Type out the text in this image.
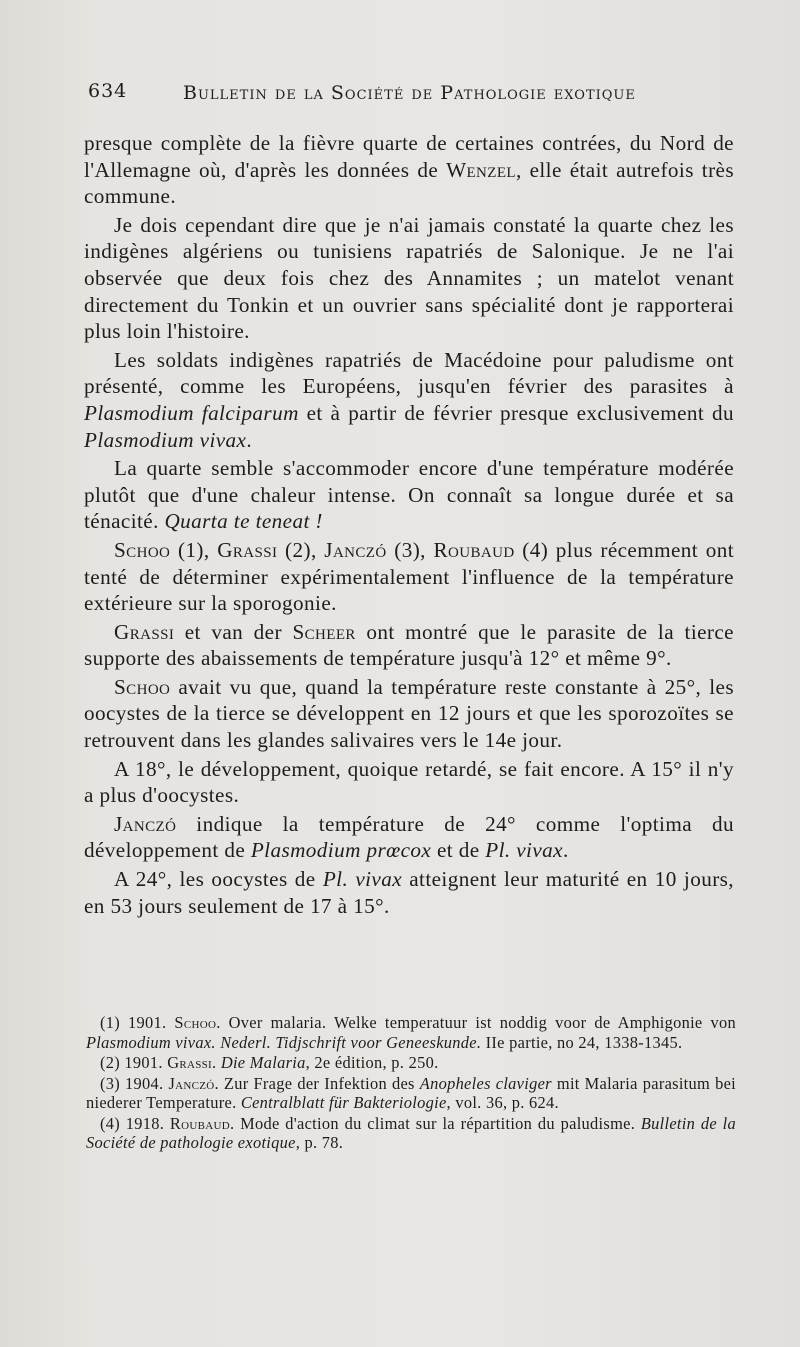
634	Bulletin de la Société de Pathologie exotique

presque complète de la fièvre quarte de certaines contrées, du Nord de l'Allemagne où, d'après les données de Wenzel, elle était autrefois très commune.

Je dois cependant dire que je n'ai jamais constaté la quarte chez les indigènes algériens ou tunisiens rapatriés de Salonique. Je ne l'ai observée que deux fois chez des Annamites ; un matelot venant directement du Tonkin et un ouvrier sans spécialité dont je rapporterai plus loin l'histoire.

Les soldats indigènes rapatriés de Macédoine pour paludisme ont présenté, comme les Européens, jusqu'en février des parasites à Plasmodium falciparum et à partir de février presque exclusivement du Plasmodium vivax.

La quarte semble s'accommoder encore d'une température modérée plutôt que d'une chaleur intense. On connaît sa longue durée et sa ténacité. Quarta te teneat !

Schoo (1), Grassi (2), Janczó (3), Roubaud (4) plus récemment ont tenté de déterminer expérimentalement l'influence de la température extérieure sur la sporogonie.

Grassi et van der Scheer ont montré que le parasite de la tierce supporte des abaissements de température jusqu'à 12° et même 9°.

Schoo avait vu que, quand la température reste constante à 25°, les oocystes de la tierce se développent en 12 jours et que les sporozoïtes se retrouvent dans les glandes salivaires vers le 14e jour.

A 18°, le développement, quoique retardé, se fait encore. A 15° il n'y a plus d'oocystes.

Janczó indique la température de 24° comme l'optima du développement de Plasmodium prœcox et de Pl. vivax.

A 24°, les oocystes de Pl. vivax atteignent leur maturité en 10 jours, en 53 jours seulement de 17 à 15°.

(1) 1901. Schoo. Over malaria. Welke temperatuur ist noddig voor de Amphigonie von Plasmodium vivax. Nederl. Tidjschrift voor Geneeskunde. IIe partie, no 24, 1338-1345.

(2) 1901. Grassi. Die Malaria, 2e édition, p. 250.

(3) 1904. Janczó. Zur Frage der Infektion des Anopheles claviger mit Malaria parasitum bei niederer Temperature. Centralblatt für Bakteriologie, vol. 36, p. 624.

(4) 1918. Roubaud. Mode d'action du climat sur la répartition du paludisme. Bulletin de la Société de pathologie exotique, p. 78.
